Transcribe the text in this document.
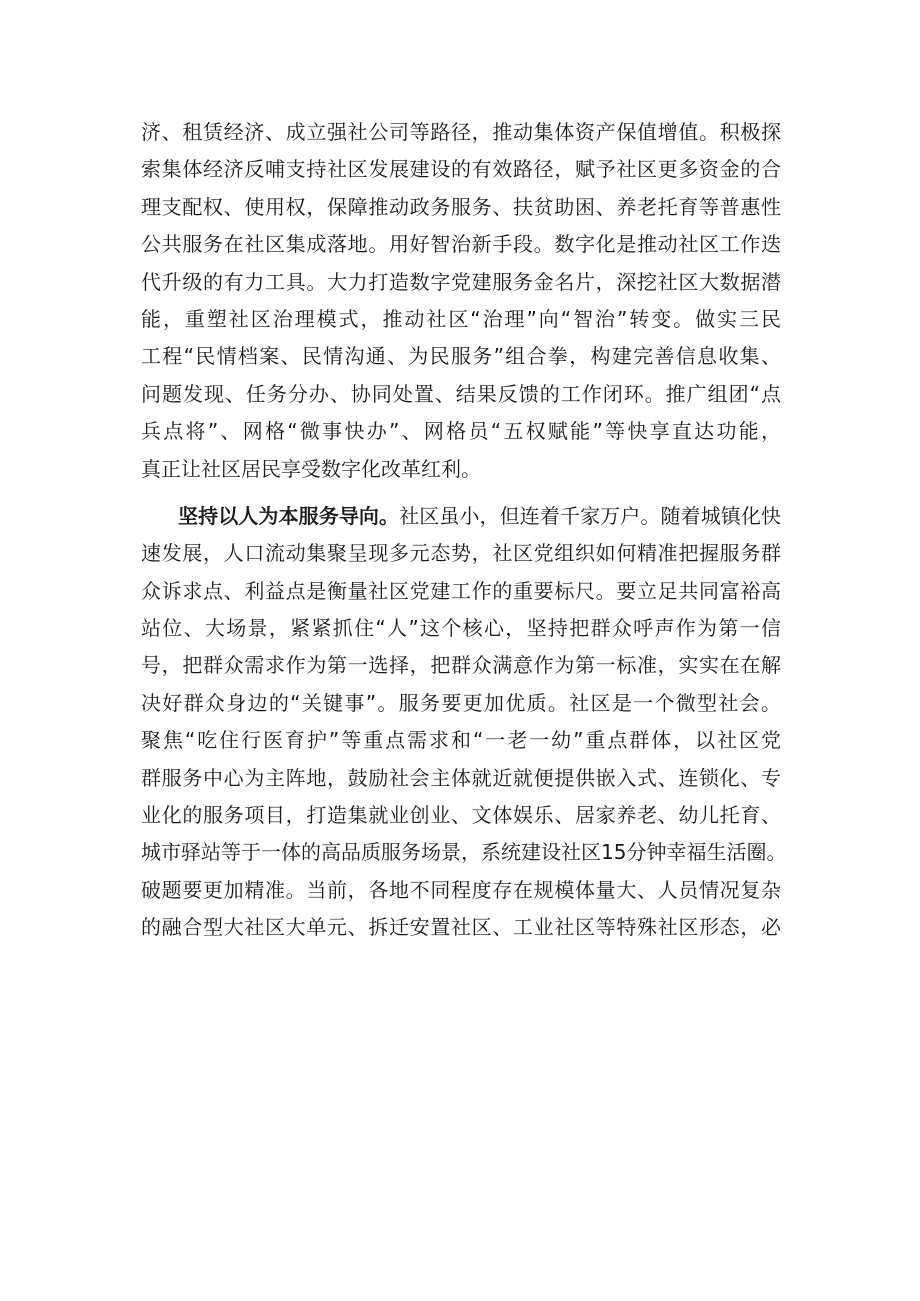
济、租赁经济、成立强社公司等路径，推动集体资产保值增值。积极探
索集体经济反哺支持社区发展建设的有效路径，赋予社区更多资金的合
理支配权、使用权，保障推动政务服务、扶贫助困、养老托育等普惠性
公共服务在社区集成落地。用好智治新手段。数字化是推动社区工作迭
代升级的有力工具。大力打造数字党建服务金名片，深挖社区大数据潜
能，重塑社区治理模式，推动社区“治理”向“智治”转变。做实三民
工程“民情档案、民情沟通、为民服务”组合拳，构建完善信息收集、
问题发现、任务分办、协同处置、结果反馈的工作闭环。推广组团“点
兵点将”、网格“微事快办”、网格员“五权赋能”等快享直达功能，
真正让社区居民享受数字化改革红利。
坚持以人为本服务导向。社区虽小，但连着千家万户。随着城镇化快
速发展，人口流动集聚呈现多元态势，社区党组织如何精准把握服务群
众诉求点、利益点是衡量社区党建工作的重要标尺。要立足共同富裕高
站位、大场景，紧紧抓住“人”这个核心，坚持把群众呼声作为第一信
号，把群众需求作为第一选择，把群众满意作为第一标准，实实在在解
决好群众身边的“关键事”。服务要更加优质。社区是一个微型社会。
聚焦“吃住行医育护”等重点需求和“一老一幼”重点群体，以社区党
群服务中心为主阵地，鼓励社会主体就近就便提供嵌入式、连锁化、专
业化的服务项目，打造集就业创业、文体娱乐、居家养老、幼儿托育、
城市驿站等于一体的高品质服务场景，系统建设社区15分钟幸福生活圈。
破题要更加精准。当前，各地不同程度存在规模体量大、人员情况复杂
的融合型大社区大单元、拆迁安置社区、工业社区等特殊社区形态，必
